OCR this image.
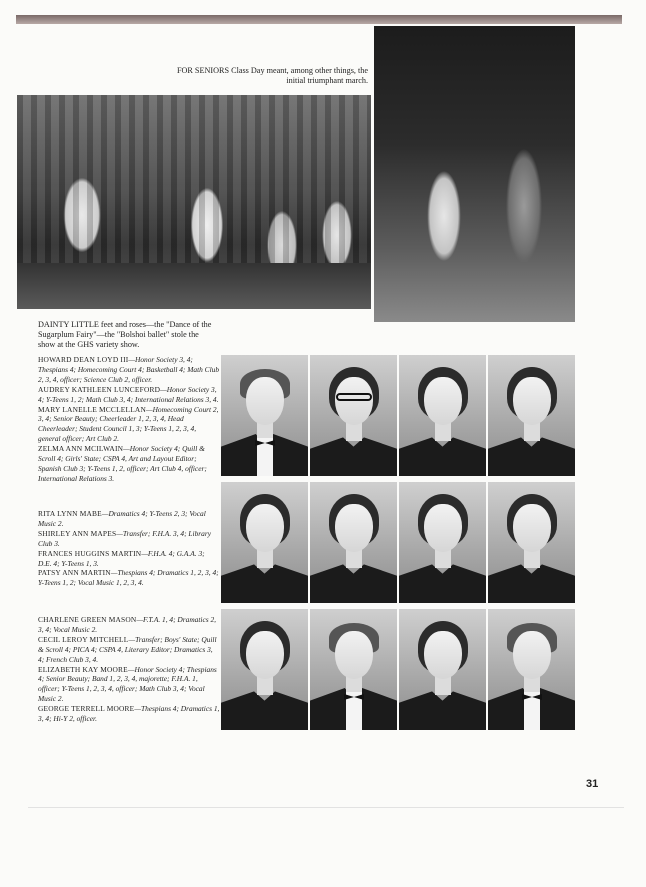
FOR SENIORS Class Day meant, among other things, the initial triumphant march.
DAINTY LITTLE feet and roses—the "Dance of the Sugarplum Fairy"—the "Bolshoi ballet" stole the show at the GHS variety show.

HOWARD DEAN LOYD III—Honor Society 3, 4; Thespians 4; Homecoming Court 4; Basketball 4; Math Club 2, 3, 4, officer; Science Club 2, officer.

AUDREY KATHLEEN LUNCEFORD—Honor Society 3, 4; Y-Teens 1, 2; Math Club 3, 4; International Relations 3, 4.

MARY LANELLE MCCLELLAN—Homecoming Court 2, 3, 4; Senior Beauty; Cheerleader 1, 2, 3, 4, Head Cheerleader; Student Council 1, 3; Y-Teens 1, 2, 3, 4, general officer; Art Club 2.

ZELMA ANN MCILWAIN—Honor Society 4; Quill & Scroll 4; Girls' State; CSPA 4, Art and Layout Editor; Spanish Club 3; Y-Teens 1, 2, officer; Art Club 4, officer; International Relations 3.

RITA LYNN MABE—Dramatics 4; Y-Teens 2, 3; Vocal Music 2.

SHIRLEY ANN MAPES—Transfer; F.H.A. 3, 4; Library Club 3.

FRANCES HUGGINS MARTIN—F.H.A. 4; G.A.A. 3; D.E. 4; Y-Teens 1, 3.

PATSY ANN MARTIN—Thespians 4; Dramatics 1, 2, 3, 4; Y-Teens 1, 2; Vocal Music 1, 2, 3, 4.

CHARLENE GREEN MASON—F.T.A. 1, 4; Dramatics 2, 3, 4; Vocal Music 2.

CECIL LEROY MITCHELL—Transfer; Boys' State; Quill & Scroll 4; PICA 4; CSPA 4, Literary Editor; Dramatics 3, 4; French Club 3, 4.

ELIZABETH KAY MOORE—Honor Society 4; Thespians 4; Senior Beauty; Band 1, 2, 3, 4, majorette; F.H.A. 1, officer; Y-Teens 1, 2, 3, 4, officer; Math Club 3, 4; Vocal Music 2.

GEORGE TERRELL MOORE—Thespians 4; Dramatics 1, 3, 4; Hi-Y 2, officer.

31
